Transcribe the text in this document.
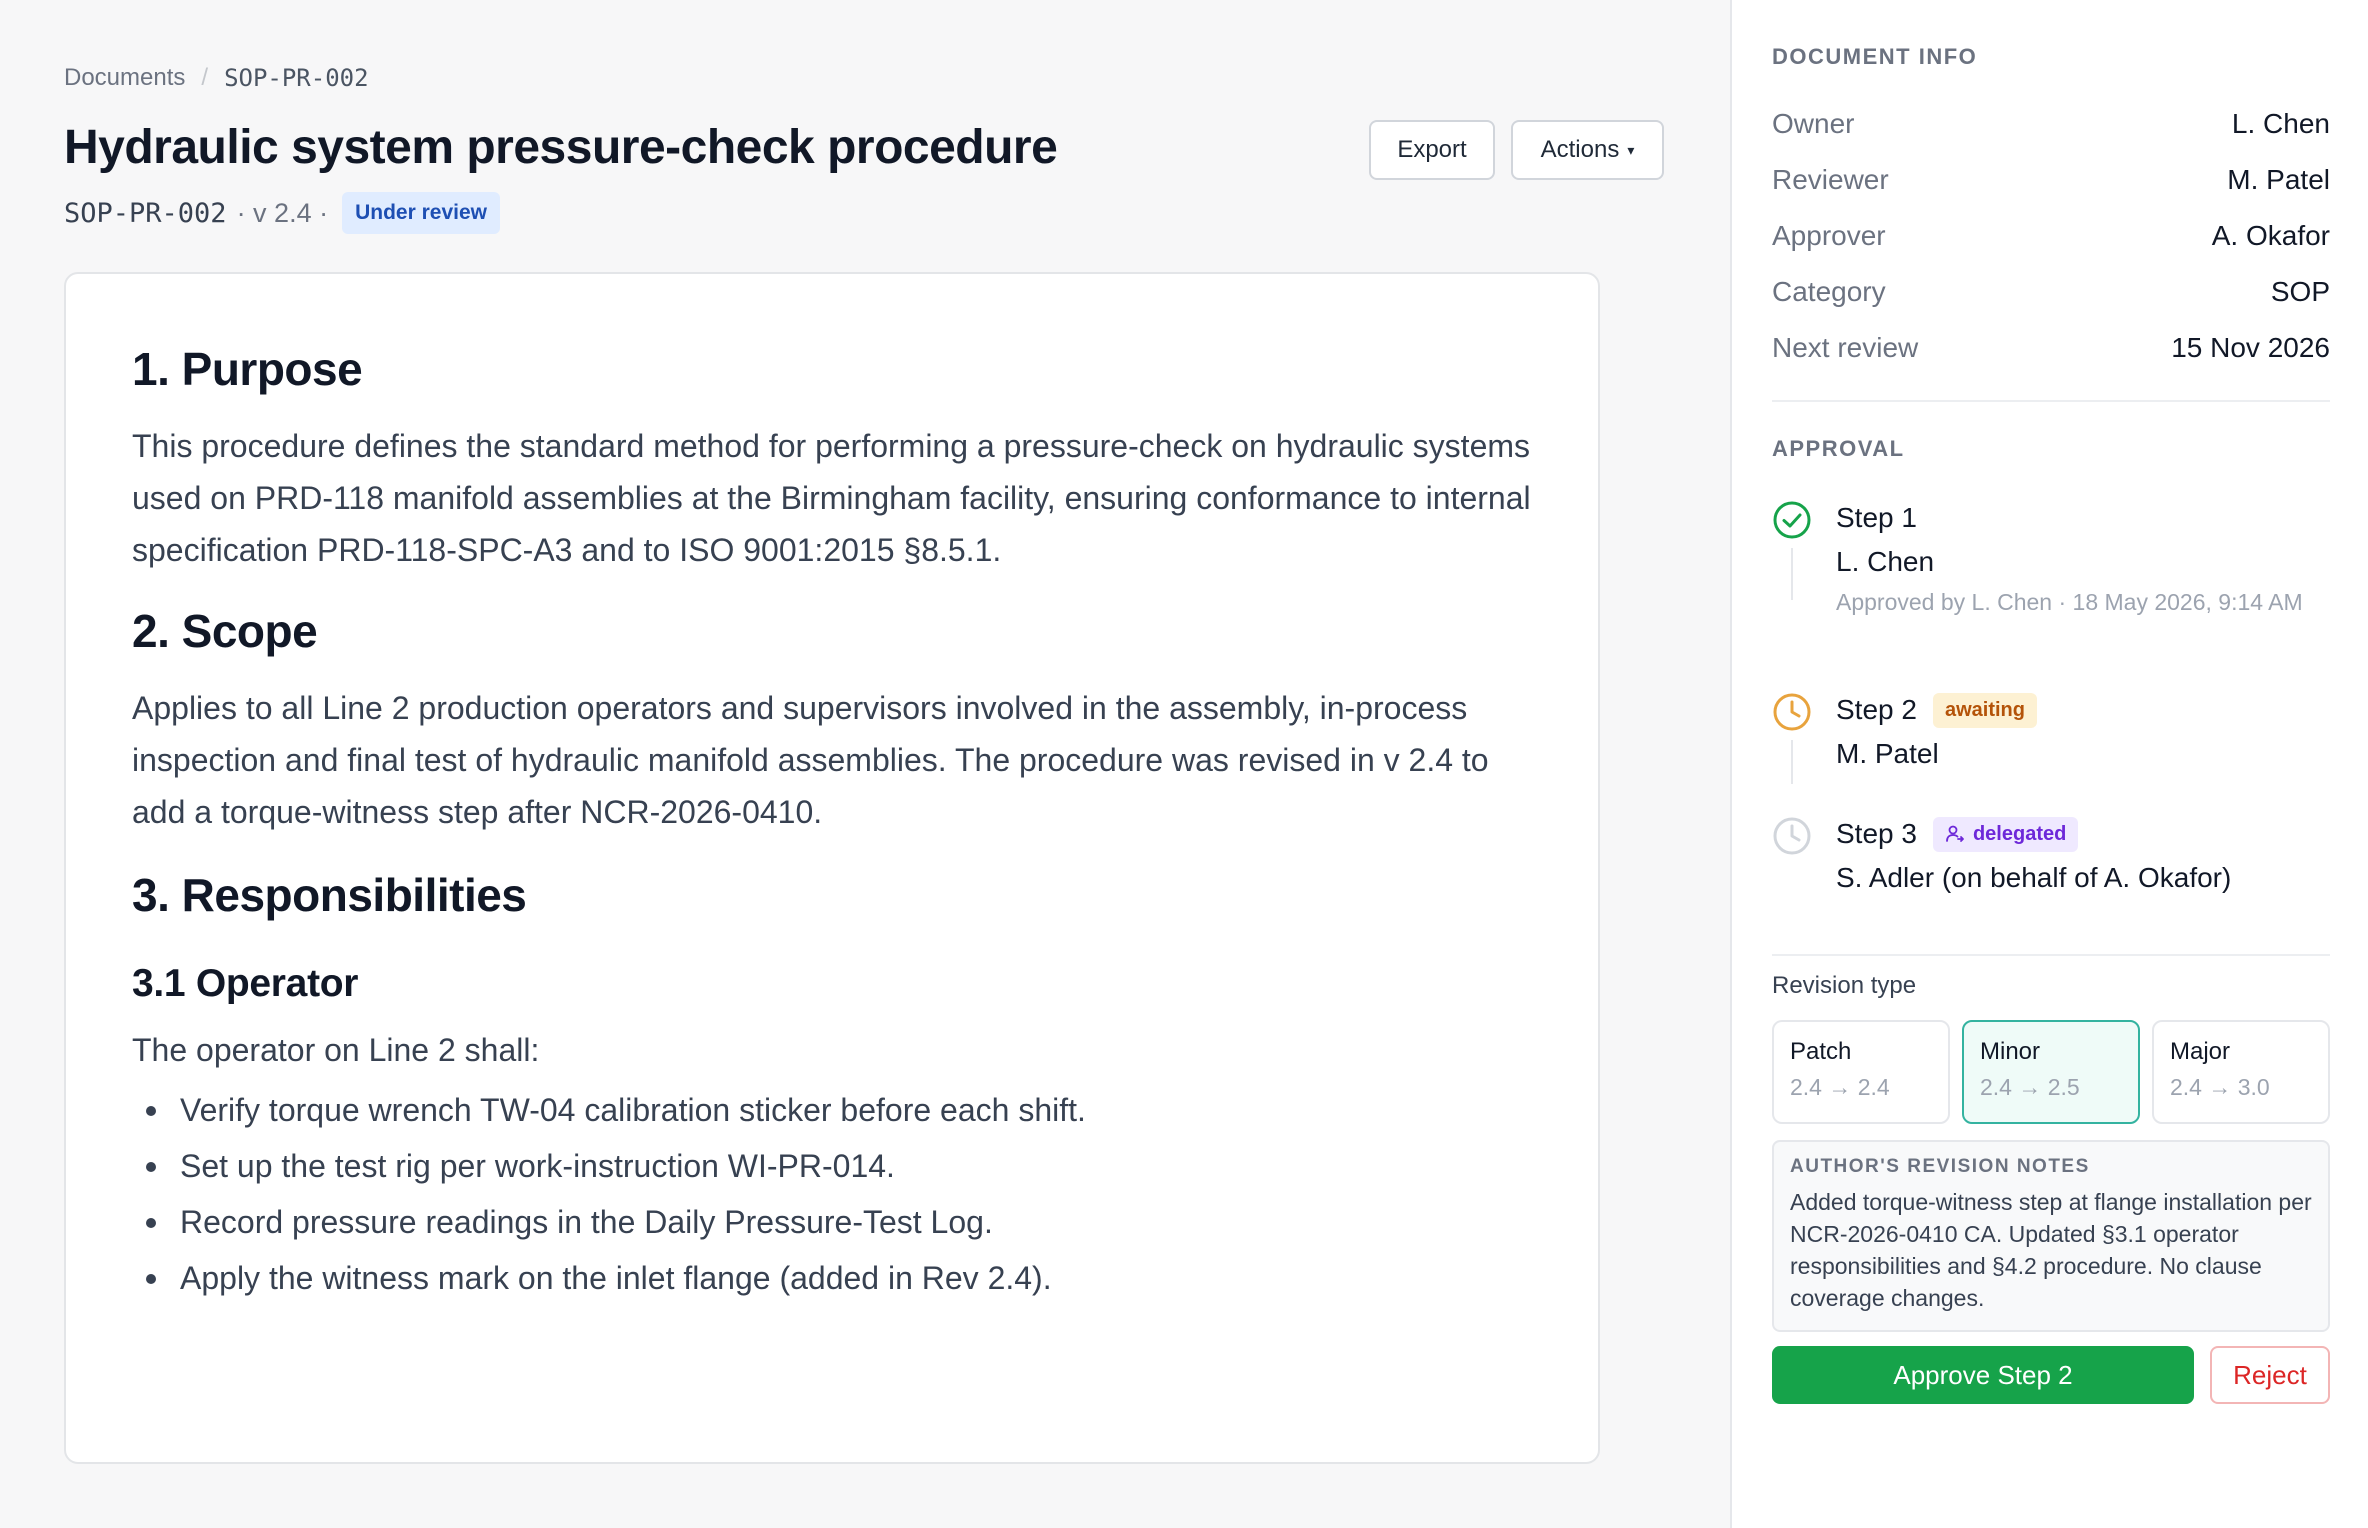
Documents / SOP-PR-002
Hydraulic system pressure-check procedure
SOP-PR-002 · v 2.4 ·	Under review
Export	Actions ▾
1. Purpose

This procedure defines the standard method for performing a pressure-check on hydraulic systems used on PRD-118 manifold assemblies at the Birmingham facility, ensuring conformance to internal specification PRD-118-SPC-A3 and to ISO 9001:2015 §8.5.1.

2. Scope

Applies to all Line 2 production operators and supervisors involved in the assembly, in-process inspection and final test of hydraulic manifold assemblies. The procedure was revised in v 2.4 to add a torque-witness step after NCR-2026-0410.

3. Responsibilities
3.1 Operator

The operator on Line 2 shall:

Verify torque wrench TW-04 calibration sticker before each shift.
Set up the test rig per work-instruction WI-PR-014.
Record pressure readings in the Daily Pressure-Test Log.
Apply the witness mark on the inlet flange (added in Rev 2.4).
DOCUMENT INFO
Owner	L. Chen
Reviewer	M. Patel
Approver	A. Okafor
Category	SOP
Next review	15 Nov 2026
APPROVAL
Step 1
L. Chen
Approved by L. Chen · 18 May 2026, 9:14 AM
Step 2	awaiting
M. Patel
Step 3	delegated
S. Adler (on behalf of A. Okafor)
Revision type
Patch
2.4 → 2.4
Minor
2.4 → 2.5
Major
2.4 → 3.0
AUTHOR'S REVISION NOTES
Added torque-witness step at flange installation per NCR-2026-0410 CA. Updated §3.1 operator responsibilities and §4.2 procedure. No clause coverage changes.
Approve Step 2	Reject
